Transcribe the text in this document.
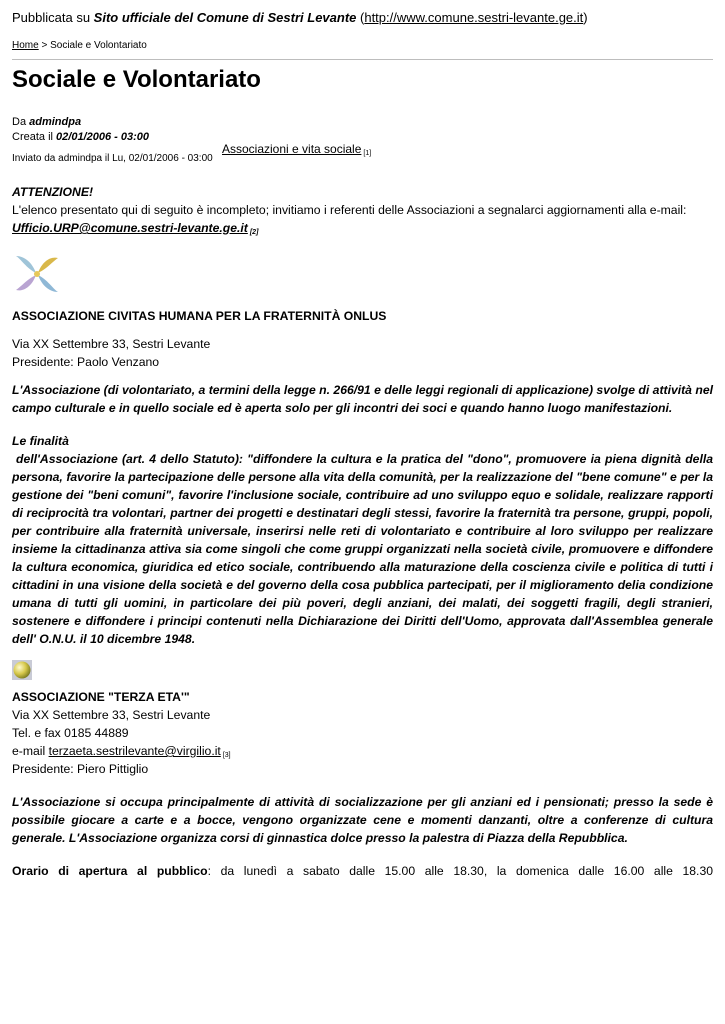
Pubblicata su Sito ufficiale del Comune di Sestri Levante (http://www.comune.sestri-levante.ge.it)
Home > Sociale e Volontariato
Sociale e Volontariato
Da admindpa
Creata il 02/01/2006 - 03:00
Inviato da admindpa il Lu, 02/01/2006 - 03:00
Associazioni e vita sociale [1]
ATTENZIONE!
L'elenco presentato qui di seguito è incompleto; invitiamo i referenti delle Associazioni a segnalarci aggiornamenti alla e-mail:
Ufficio.URP@comune.sestri-levante.ge.it [2]
ASSOCIAZIONE CIVITAS HUMANA PER LA FRATERNITÀ ONLUS
Via XX Settembre 33, Sestri Levante
Presidente: Paolo Venzano
L'Associazione (di volontariato, a termini della legge n. 266/91 e delle leggi regionali di applicazione) svolge di attività nel campo culturale e in quello sociale ed è aperta solo per gli incontri dei soci e quando hanno luogo manifestazioni.
Le finalità
dell'Associazione (art. 4 dello Statuto): "diffondere la cultura e la pratica del "dono", promuovere ia piena dignità della persona, favorire la partecipazione delle persone alla vita della comunità, per la realizzazione del "bene comune" e per la gestione dei "beni comuni", favorire l'inclusione sociale, contribuire ad uno sviluppo equo e solidale, realizzare rapporti di reciprocità tra volontari, partner dei progetti e destinatari degli stessi, favorire la fraternità tra persone, gruppi, popoli, per contribuire alla fraternità universale, inserirsi nelle reti di volontariato e contribuire al loro sviluppo per realizzare insieme la cittadinanza attiva sia come singoli che come gruppi organizzati nella società civile, promuovere e diffondere la cultura economica, giuridica ed etico sociale, contribuendo alla maturazione della coscienza civile e politica di tutti i cittadini in una visione della società e del governo della cosa pubblica partecipati, per il miglioramento delia condizione umana di tutti gli uomini, in particolare dei più poveri, degli anziani, dei malati, dei soggetti fragili, degli stranieri, sostenere e diffondere i principi contenuti nella Dichiarazione dei Diritti dell'Uomo, approvata dall'Assemblea generale dell' O.N.U. il 10 dicembre 1948.
ASSOCIAZIONE "TERZA ETA'"
Via XX Settembre 33, Sestri Levante
Tel. e fax 0185 44889
e-mail terzaeta.sestrilevante@virgilio.it [3]
Presidente: Piero Pittiglio
L'Associazione si occupa principalmente di attività di socializzazione per gli anziani ed i pensionati; presso la sede è possibile giocare a carte e a bocce, vengono organizzate cene e momenti danzanti, oltre a conferenze di cultura generale. L'Associazione organizza corsi di ginnastica dolce presso la palestra di Piazza della Repubblica.
Orario di apertura al pubblico: da lunedì a sabato dalle 15.00 alle 18.30, la domenica dalle 16.00 alle 18.30
